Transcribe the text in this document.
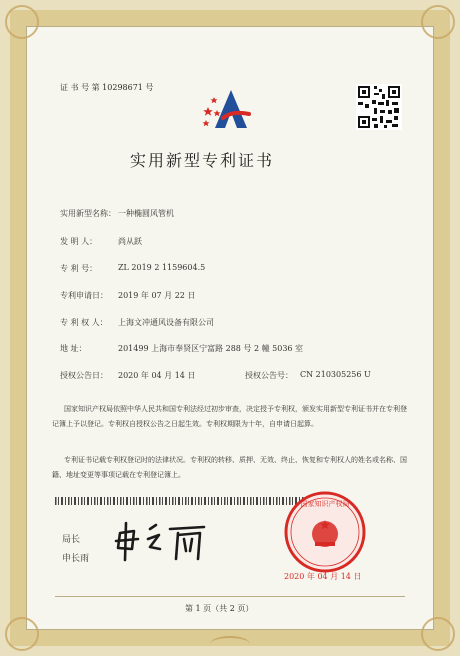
证 书 号 第 10298671 号
实用新型专利证书
实用新型名称： 一种椭圆风管机
发 明 人：	尚从跃
专 利 号：	ZL 2019 2 1159604.5
专利申请日： 2019 年 07 月 22 日
专 利 权 人： 上海文冲通风设备有限公司
地 址：	201499 上海市奉贤区宁富路 288 号 2 幢 5036 室
授权公告日： 2020 年 04 月 14 日	授权公告号： CN 210305256 U
国家知识产权局依照中华人民共和国专利法经过初步审查，决定授予专利权，颁发实用新型专利证书并在专利登记簿上予以登记。专利权自授权公告之日起生效。专利权期限为十年，自申请日起算。
专利证书记载专利权登记时的法律状况。专利权的转移、质押、无效、终止、恢复和专利权人的姓名或名称、国籍、地址变更等事项记载在专利登记簿上。
局长
申长雨
国家知识产权局
2020 年 04 月 14 日
第 1 页（共 2 页）
